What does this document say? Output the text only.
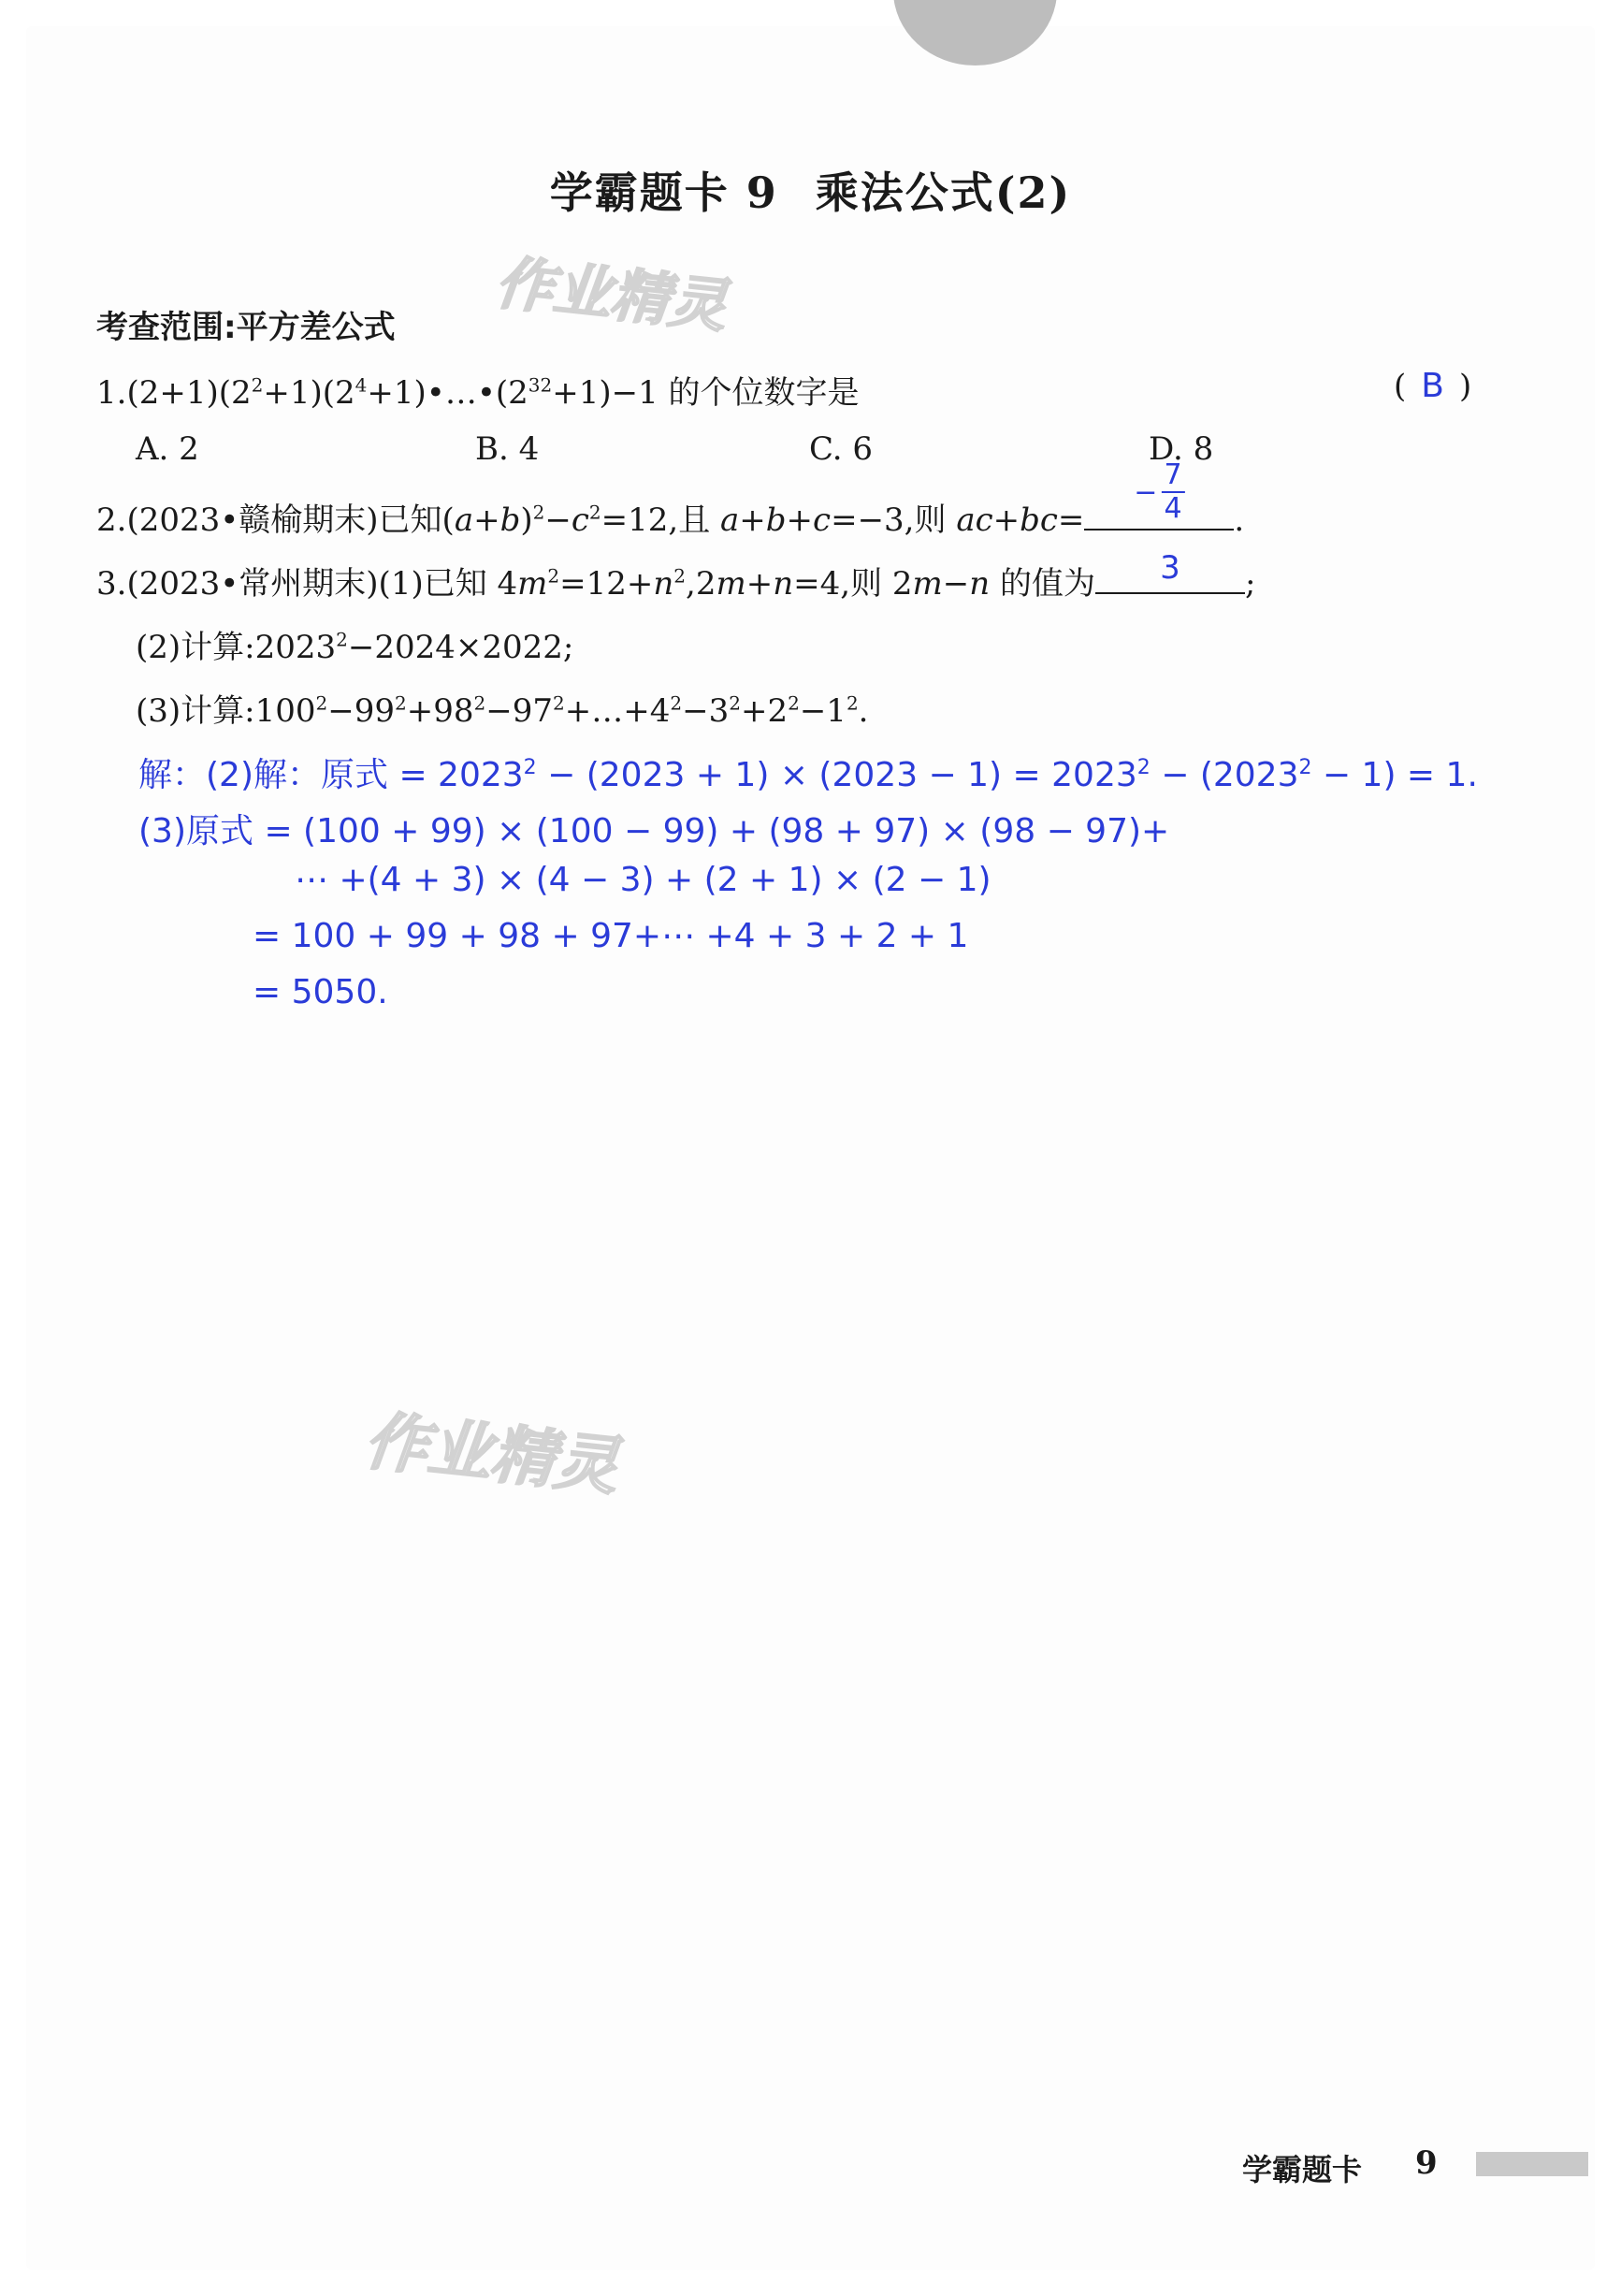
学霸题卡 9 乘法公式(2)
作业精灵
作业精灵
考查范围:平方差公式
$1.(2+1)(2^2+1)(2^4+1)•\dots•(2^{32}+1)-1$ 的个位数字是	( B )
A. 2	B. 4	C. 6	D. 8
2.(2023•赣榆期末)已知$(a+b)^2-c^2=12$,且 a+b+c=−3,则 ac+bc=
− $\frac{7}{4}$ .
3.(2023•常州期末)(1)已知 $4m^2=12+n^2,2m+n=4$,则 2m−n 的值为	3	;
(2)计算$:2023^2-2024\times 2022$;
(3)计算$:100^2-99^2+98^2-97^2+\dots+4^2-3^2+2^2-1^2$.
解：(2)解：原式 = $2023^2 - (2023 + 1) \times (2023 - 1) = 2023^2 - (2023^2 - 1) = 1$.
(3)原式 = (100 + 99) × (100 − 99) + (98 + 97) × (98 − 97)+
⋯ +(4 + 3) × (4 − 3) + (2 + 1) × (2 − 1)
= 100 + 99 + 98 + 97+⋯ +4 + 3 + 2 + 1
= 5050.
学霸题卡 9
